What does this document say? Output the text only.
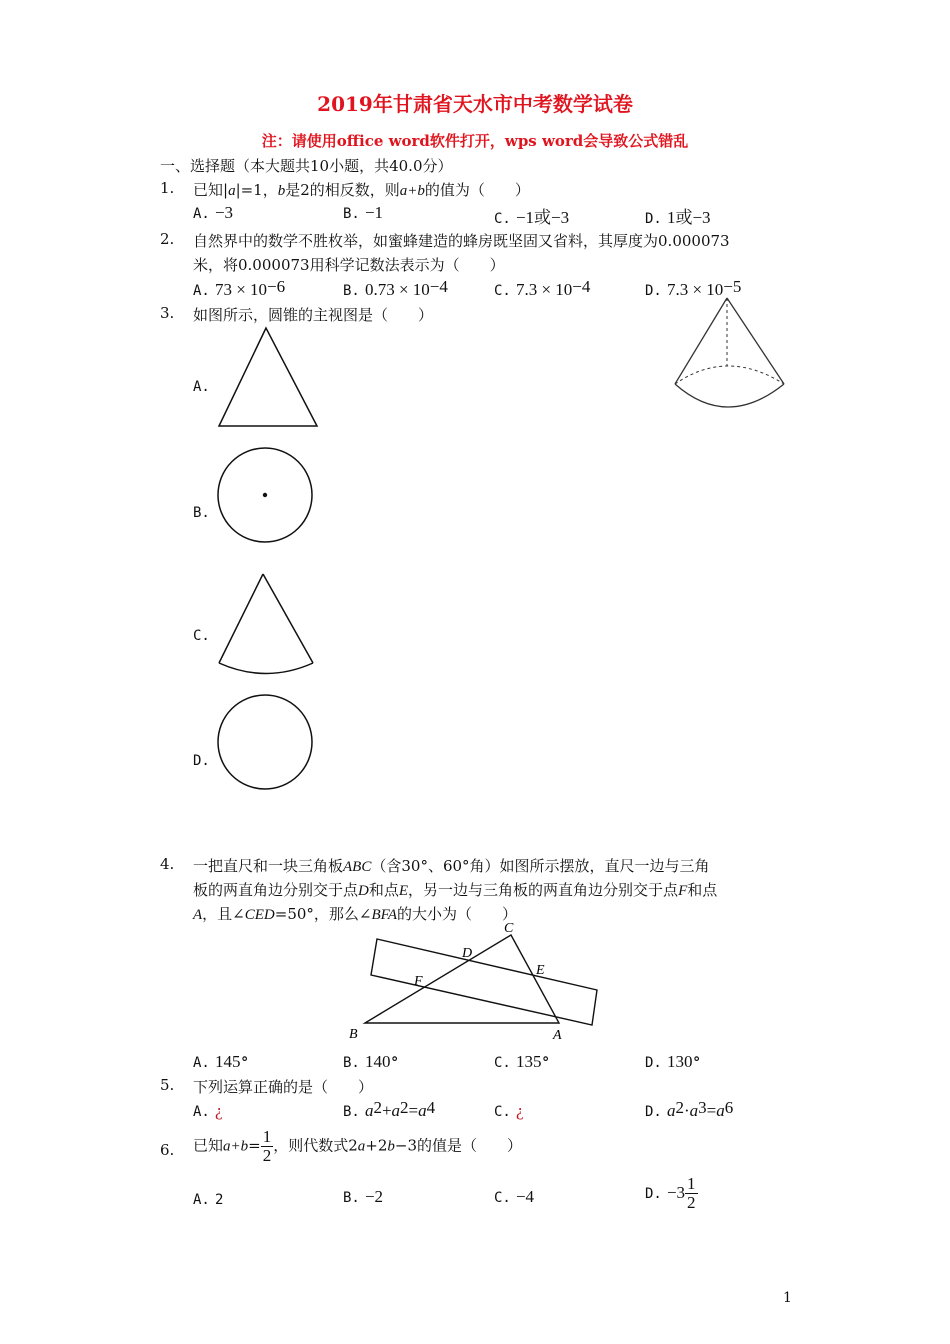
2019年甘肃省天水市中考数学试卷
注：请使用office word软件打开，wps word会导致公式错乱
一、选择题（本大题共10小题，共40.0分）
1. 已知|a|=1，b是2的相反数，则a+b的值为（　　）
A. −3	B. −1	C. −1或−3	D. 1或−3
2. 自然界中的数学不胜枚举，如蜜蜂建造的蜂房既坚固又省料，其厚度为0.000073
米，将0.000073用科学记数法表示为（　　）
A. $73 \times 10^{-6}$	B. $0.73 \times 10^{-4}$	C. $7.3 \times 10^{-4}$	D. $7.3 \times 10^{-5}$
3. 如图所示，圆锥的主视图是（　　）
A.
B.
C.
D.
4. 一把直尺和一块三角板ABC（含30°、60°角）如图所示摆放，直尺一边与三角
板的两直角边分别交于点D和点E，另一边与三角板的两直角边分别交于点F和点
A，且∠CED=50°，那么∠BFA的大小为（　　）
C
D
E
F
B	A
A. 145∘	B. 140∘	C. 135∘	D. 130∘
5. 下列运算正确的是（　　）
A. ¿	B. $a^2+a^2=a^4$	C. ¿	D. $a^2\cdot a^3=a^6$
6. 已知$a+b= \frac{1}{2}$ ，则代数式2a+2b−3的值是（　　）
A. 2	B. −2	C. −4	D. $-3 \frac{1}{2}$
1
